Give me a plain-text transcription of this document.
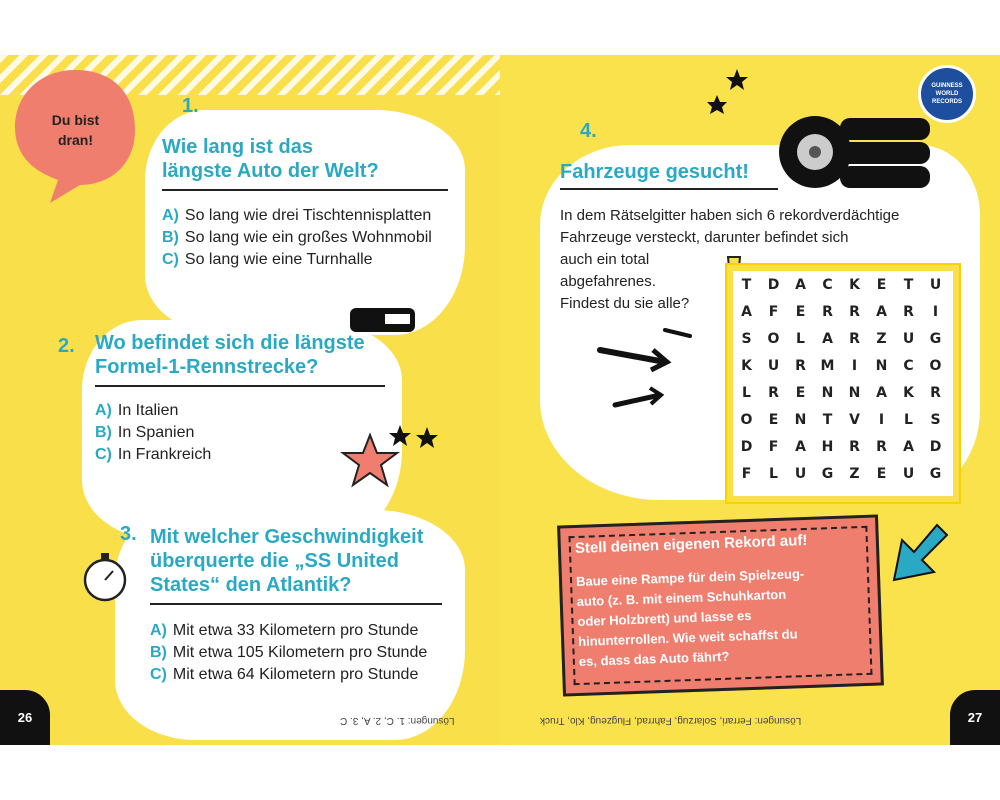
Du bist dran!
1.
Wie lang ist das
längste Auto der Welt?
A) So lang wie drei Tischtennisplatten
B) So lang wie ein großes Wohnmobil
C) So lang wie eine Turnhalle
2. Wo befindet sich die längste
Formel-1-Rennstrecke?
A) In Italien
B) In Spanien
C) In Frankreich
3. Mit welcher Geschwindigkeit
überquerte die „SS United
States“ den Atlantik?
A) Mit etwa 33 Kilometern pro Stunde
B) Mit etwa 105 Kilometern pro Stunde
C) Mit etwa 64 Kilometern pro Stunde
26	Lösungen: 1. C, 2. A, 3. C
GUINNESS WORLD RECORDS
4.
Fahrzeuge gesucht!
In dem Rätselgitter haben sich 6 rekordverdächtige
Fahrzeuge versteckt, darunter befindet sich
auch ein total
abgefahrenes.
Findest du sie alle?
27
Lösungen: Ferrari, Solarzug, Fahrrad, Flugzeug, Klo, Truck
T	D	A	C	K	E	T	U
A	F	E	R	R	A	R	I
S	O	L	A	R	Z	U	G
K	U	R	M	I	N	C	O
L	R	E	N	N	A	K	R
O	E	N	T	V	I	L	S
D	F	A	H	R	R	A	D
F	L	U	G	Z	E	U	G
Stell deinen eigenen Rekord auf!
Baue eine Rampe für dein Spielzeug-
auto (z. B. mit einem Schuhkarton
oder Holzbrett) und lasse es
hinunterrollen. Wie weit schaffst du
es, dass das Auto fährt?
